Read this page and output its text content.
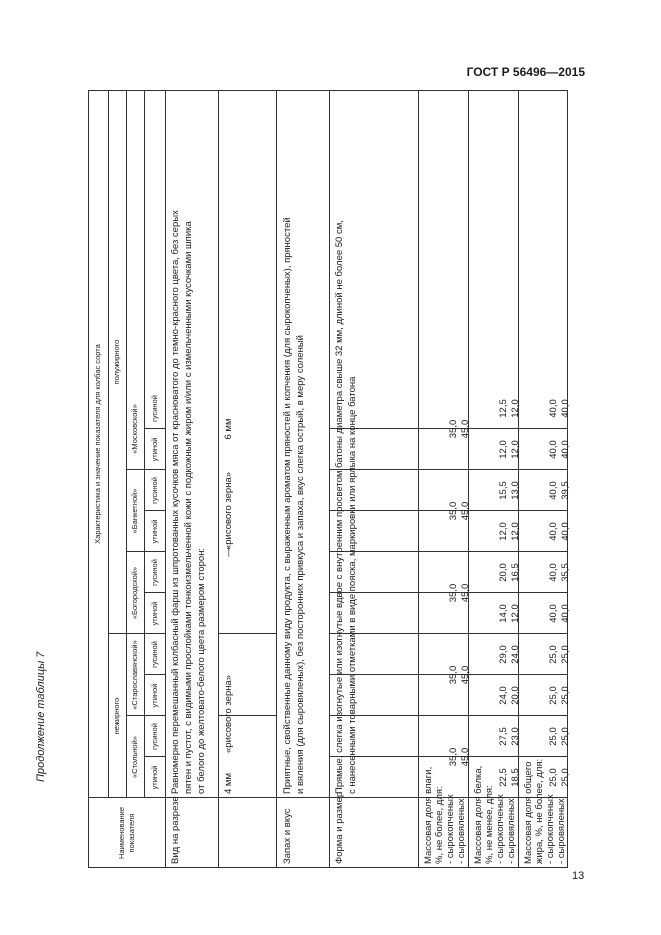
ГОСТ Р 56496—2015
Продолжение таблицы 7
13
Наименование показателя
Характеристика и значение показателя для колбас сорта
нежирного
полужирного
«Стольной»
«Старославянской»
«Богородской»
«Банкетной»
«Московской»
утиной
гусиной
утиной
гусиной
утиной
гусиной
утиной
гусиной
утиной
гусиной
Вид на разрезе
Равномерно перемешанный колбасный фарш из шпротованных кусочков мяса от красноватого до темно-красного цвета, без серых пятен и пустот, с видимыми прослойками тонкоизмельченной кожи с подкожным жиром и/или с измельченными кусочками шпика от белого до желтовато-белого цвета размером сторон: 4 мм
«рисового зерна»
—
«рисового зерна»
6 мм
Запах и вкус
Приятные, свойственные данному виду продукта, с выраженным ароматом пряностей и копчения (для сырокопченых), пряностей и вяления (для сыровяленых), без посторонних привкуса и запаха, вкус слегка острый, в меру соленый
Форма и размер
Прямые, слегка изогнутые или изогнутые вдвое с внутренним просветом батоны диаметра свыше 32 мм, длиной не более 50 см, с нанесенными товарными отметками в виде пояска, маркировки или ярлыка на конце батона
Массовая доля влаги, %, не более, для: - сырокопченых - сыровяленых
35,0 45,0
35,0 45,0
35,0 45,0
35,0 45,0
35,0 45,0
Массовая доля белка, %, не менее, для: - сырокопченых - сыровяленых
22,5 18,5
27,5 23,0
24,0 20,0
29,0 24,0
14,0 12,0
20,0 16,5
12,0 12,0
15,5 13,0
12,0 12,0
12,5 12,0
Массовая доля общего жира, %, не более, для: - сырокопченых - сыровяленых
25,0 25,0
25,0 25,0
25,0 25,0
25,0 25,0
40,0 40,0
40,0 35,5
40,0 40,0
40,0 39,5
40,0 40,0
40,0 40,0
